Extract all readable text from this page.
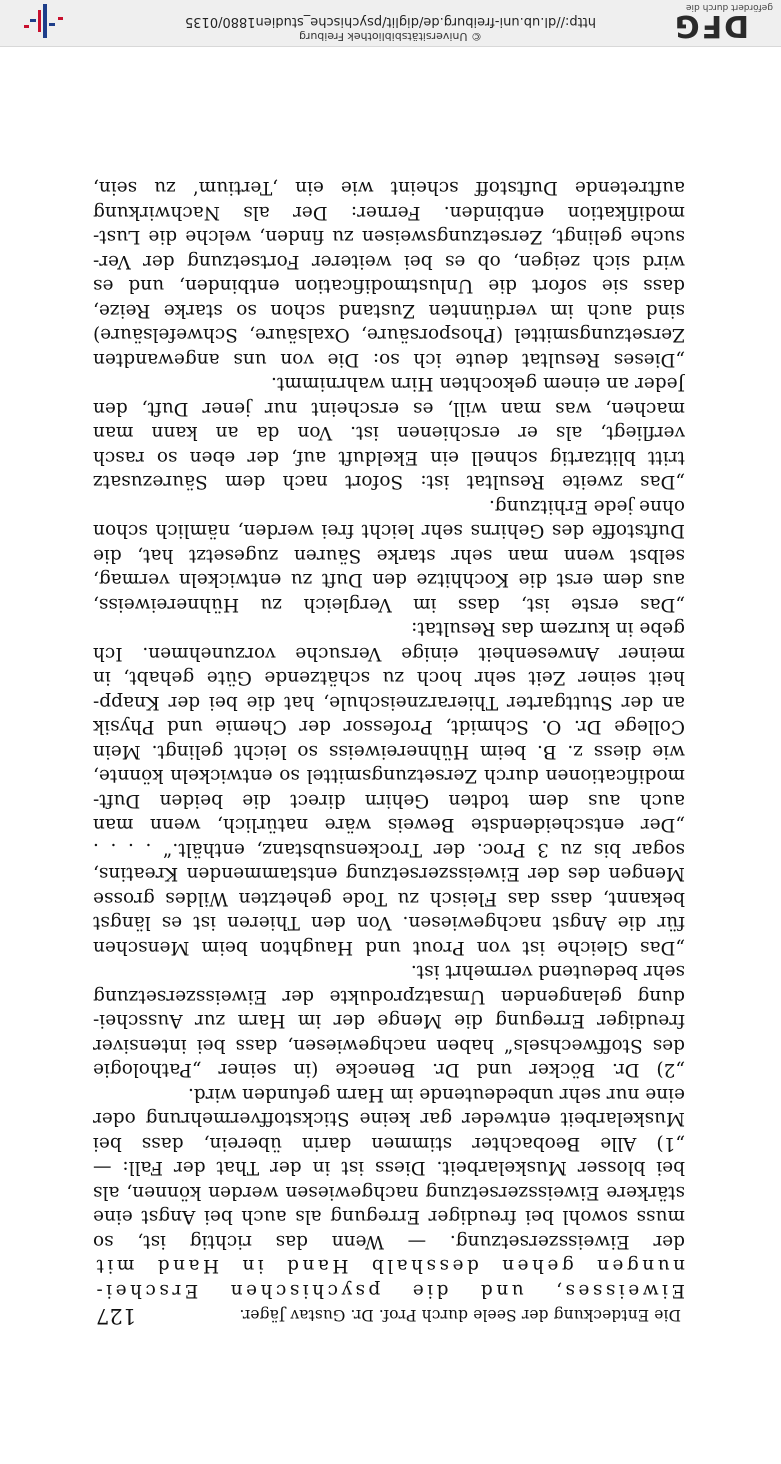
Die Entdeckung der Seele durch Prof. Dr. Gustav Jäger.
127
Eiweisses, und die psychischen Erschei-
nungen gehen desshalb Hand in Hand mit
der Eiweisszersetzung. — Wenn das richtig ist, so
muss sowohl bei freudiger Erregung als auch bei Angst eine
stärkere Eiweisszersetzung nachgewiesen werden können, als
bei blosser Muskelarbeit. Diess ist in der That der Fall: —
„1) Alle Beobachter stimmen darin überein, dass bei
Muskelarbeit entweder gar keine Stickstoffvermehrung oder
eine nur sehr unbedeutende im Harn gefunden wird.
„2) Dr. Böcker und Dr. Benecke (in seiner „Pathologie
des Stoffwechsels“ haben nachgewiesen, dass bei intensiver
freudiger Erregung die Menge der im Harn zur Ausschei-
dung gelangenden Umsatzprodukte der Eiweisszersetzung
sehr bedeutend vermehrt ist.
„Das Gleiche ist von Prout und Haughton beim Menschen
für die Angst nachgewiesen. Von den Thieren ist es längst
bekannt, dass das Fleisch zu Tode gehetzten Wildes grosse
Mengen des der Eiweisszersetzung entstammenden Kreatins,
sogar bis zu 3 Proc. der Trockensubstanz, enthält.“ . . . .
„Der entscheidendste Beweis wäre natürlich, wenn man
auch aus dem todten Gehirn direct die beiden Duft-
modificationen durch Zersetzungsmittel so entwickeln könnte,
wie diess z. B. beim Hühnereiweiss so leicht gelingt. Mein
College Dr. O. Schmidt, Professor der Chemie und Physik
an der Stuttgarter Thierarzneischule, hat die bei der Knapp-
heit seiner Zeit sehr hoch zu schätzende Güte gehabt, in
meiner Anwesenheit einige Versuche vorzunehmen. Ich
gebe in kurzem das Resultat:
„Das erste ist, dass im Vergleich zu Hühnereiweiss,
aus dem erst die Kochhitze den Duft zu entwickeln vermag,
selbst wenn man sehr starke Säuren zugesetzt hat, die
Duftstoffe des Gehirns sehr leicht frei werden, nämlich schon
ohne jede Erhitzung.
„Das zweite Resultat ist: Sofort nach dem Säurezusatz
tritt blitzartig schnell ein Ekelduft auf, der eben so rasch
verfliegt, als er erschienen ist. Von da an kann man
machen, was man will, es erscheint nur jener Duft, den
Jeder an einem gekochten Hirn wahrnimmt.
„Dieses Resultat deute ich so: Die von uns angewandten
Zersetzungsmittel (Phosporsäure, Oxalsäure, Schwefelsäure)
sind auch im verdünnten Zustand schon so starke Reize,
dass sie sofort die Unlustmodification entbinden, und es
wird sich zeigen, ob es bei weiterer Fortsetzung der Ver-
suche gelingt, Zersetzungsweisen zu finden, welche die Lust-
modifikation entbinden. Ferner: Der als Nachwirkung
auftretende Duftstoff scheint wie ein ‚Tertium‘ zu sein,
© Universitätsbibliothek Freiburg
http://dl.ub.uni-freiburg.de/diglit/psychische_studien1880/0135	DFG
gefördert durch die
